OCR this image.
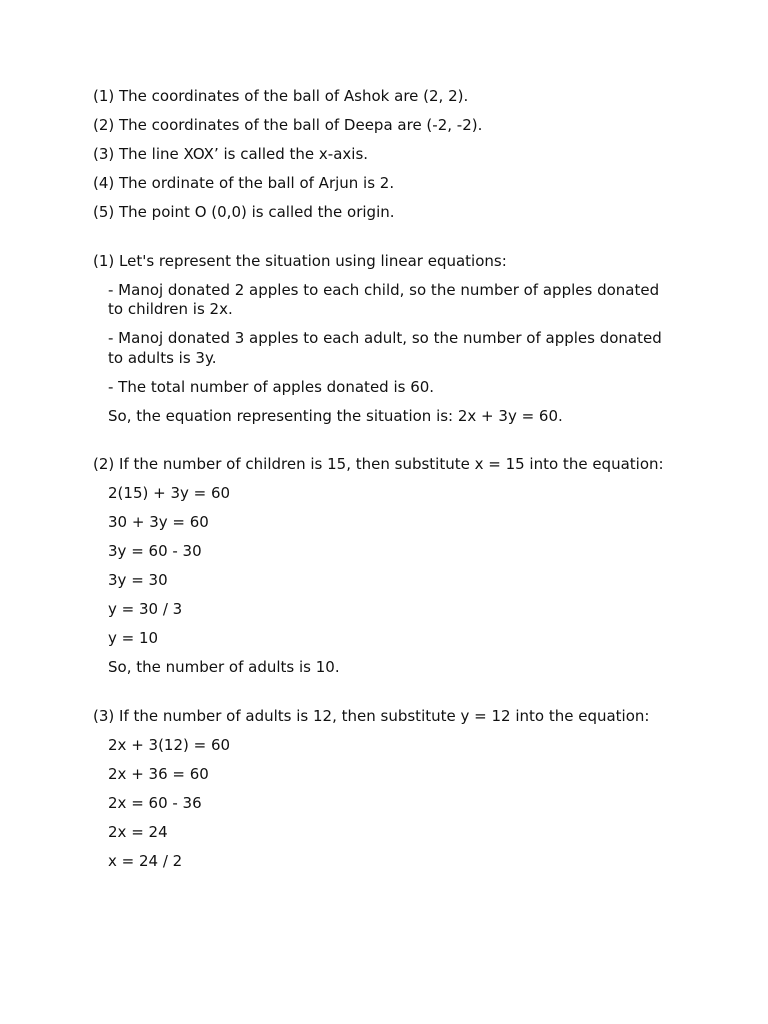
(1) The coordinates of the ball of Ashok are (2, 2).

(2) The coordinates of the ball of Deepa are (-2, -2).

(3) The line XOX’ is called the x-axis.

(4) The ordinate of the ball of Arjun is 2.

(5) The point O (0,0) is called the origin.

(1) Let's represent the situation using linear equations:

- Manoj donated 2 apples to each child, so the number of apples donated to children is 2x.

- Manoj donated 3 apples to each adult, so the number of apples donated to adults is 3y.

- The total number of apples donated is 60.

So, the equation representing the situation is: 2x + 3y = 60.

(2) If the number of children is 15, then substitute x = 15 into the equation:

2(15) + 3y = 60

30 + 3y = 60

3y = 60 - 30

3y = 30

y = 30 / 3

y = 10

So, the number of adults is 10.

(3) If the number of adults is 12, then substitute y = 12 into the equation:

2x + 3(12) = 60

2x + 36 = 60

2x = 60 - 36

2x = 24

x = 24 / 2
